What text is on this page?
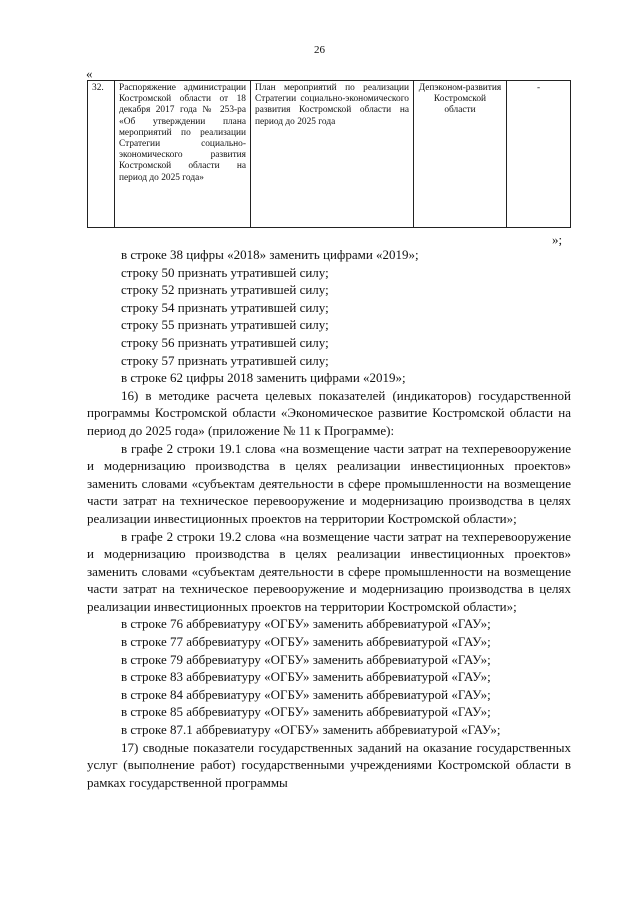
26
«
32.	Распоряжение администрации Костромской области от 18 декабря 2017 года № 253-ра «Об утверждении плана мероприятий по реализации Стратегии социально-экономического развития Костромской области на период до 2025 года»	План мероприятий по реализации Стратегии социально-экономического развития Костромской области на период до 2025 года	Депэконом-развития Костромской области	-
»;

в строке 38 цифры «2018» заменить цифрами «2019»;

строку 50 признать утратившей силу;

строку 52 признать утратившей силу;

строку 54 признать утратившей силу;

строку 55 признать утратившей силу;

строку 56 признать утратившей силу;

строку 57 признать утратившей силу;

в строке 62 цифры 2018 заменить цифрами «2019»;

16) в методике расчета целевых показателей (индикаторов) государственной программы Костромской области «Экономическое развитие Костромской области на период до 2025 года» (приложение № 11 к Программе):

в графе 2 строки 19.1 слова «на возмещение части затрат на техперевооружение и модернизацию производства в целях реализации инвестиционных проектов» заменить словами «субъектам деятельности в сфере промышленности на возмещение части затрат на техническое перевооружение и модернизацию производства в целях реализации инвестиционных проектов на территории Костромской области»;

в графе 2 строки 19.2 слова «на возмещение части затрат на техперевооружение и модернизацию производства в целях реализации инвестиционных проектов» заменить словами «субъектам деятельности в сфере промышленности на возмещение части затрат на техническое перевооружение и модернизацию производства в целях реализации инвестиционных проектов на территории Костромской области»;

в строке 76 аббревиатуру «ОГБУ» заменить аббревиатурой «ГАУ»;

в строке 77 аббревиатуру «ОГБУ» заменить аббревиатурой «ГАУ»;

в строке 79 аббревиатуру «ОГБУ» заменить аббревиатурой «ГАУ»;

в строке 83 аббревиатуру «ОГБУ» заменить аббревиатурой «ГАУ»;

в строке 84 аббревиатуру «ОГБУ» заменить аббревиатурой «ГАУ»;

в строке 85 аббревиатуру «ОГБУ» заменить аббревиатурой «ГАУ»;

в строке 87.1 аббревиатуру «ОГБУ» заменить аббревиатурой «ГАУ»;

17) сводные показатели государственных заданий на оказание государственных услуг (выполнение работ) государственными учреждениями Костромской области в рамках государственной программы
